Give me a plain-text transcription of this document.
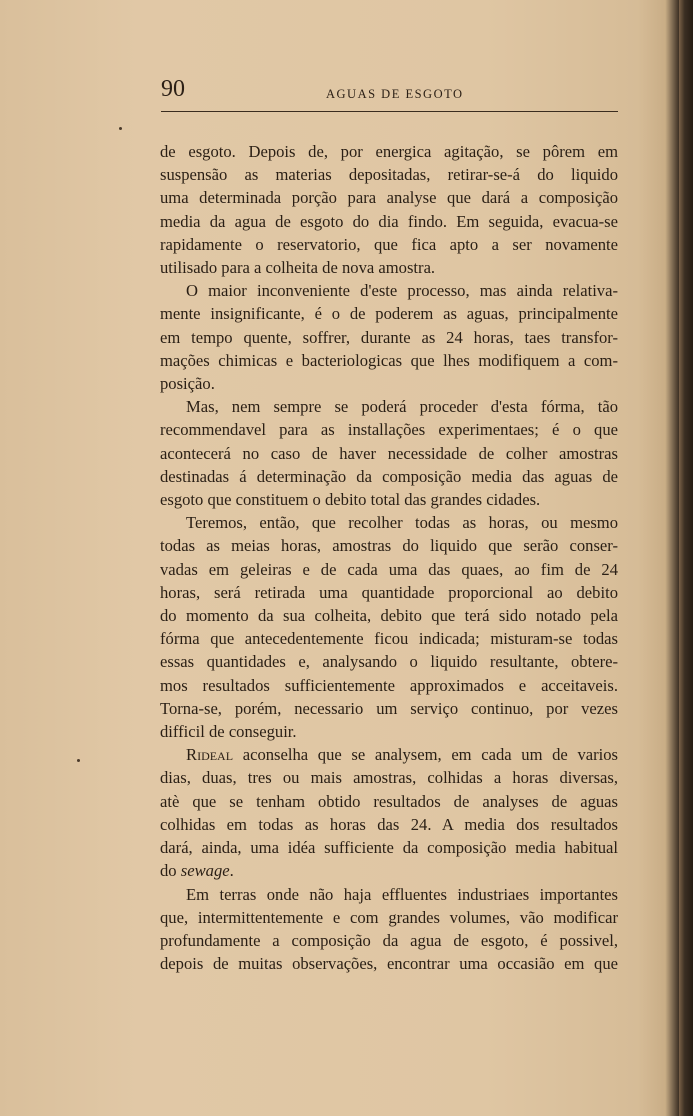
90	AGUAS DE ESGOTO
de esgoto. Depois de, por energica agitação, se pôrem em
suspensão as materias depositadas, retirar-se-á do liquido
uma determinada porção para analyse que dará a composição
media da agua de esgoto do dia findo. Em seguida, evacua-se
rapidamente o reservatorio, que fica apto a ser novamente
utilisado para a colheita de nova amostra.
O maior inconveniente d'este processo, mas ainda relativa-
mente insignificante, é o de poderem as aguas, principalmente
em tempo quente, soffrer, durante as 24 horas, taes transfor-
mações chimicas e bacteriologicas que lhes modifiquem a com-
posição.
Mas, nem sempre se poderá proceder d'esta fórma, tão
recommendavel para as installações experimentaes; é o que
acontecerá no caso de haver necessidade de colher amostras
destinadas á determinação da composição media das aguas de
esgoto que constituem o debito total das grandes cidades.
Teremos, então, que recolher todas as horas, ou mesmo
todas as meias horas, amostras do liquido que serão conser-
vadas em geleiras e de cada uma das quaes, ao fim de 24
horas, será retirada uma quantidade proporcional ao debito
do momento da sua colheita, debito que terá sido notado pela
fórma que antecedentemente ficou indicada; misturam-se todas
essas quantidades e, analysando o liquido resultante, obtere-
mos resultados sufficientemente approximados e acceitaveis.
Torna-se, porém, necessario um serviço continuo, por vezes
difficil de conseguir.
Rideal aconselha que se analysem, em cada um de varios
dias, duas, tres ou mais amostras, colhidas a horas diversas,
atè que se tenham obtido resultados de analyses de aguas
colhidas em todas as horas das 24. A media dos resultados
dará, ainda, uma idéa sufficiente da composição media habitual
do sewage.
Em terras onde não haja effluentes industriaes importantes
que, intermittentemente e com grandes volumes, vão modificar
profundamente a composição da agua de esgoto, é possivel,
depois de muitas observações, encontrar uma occasião em que
